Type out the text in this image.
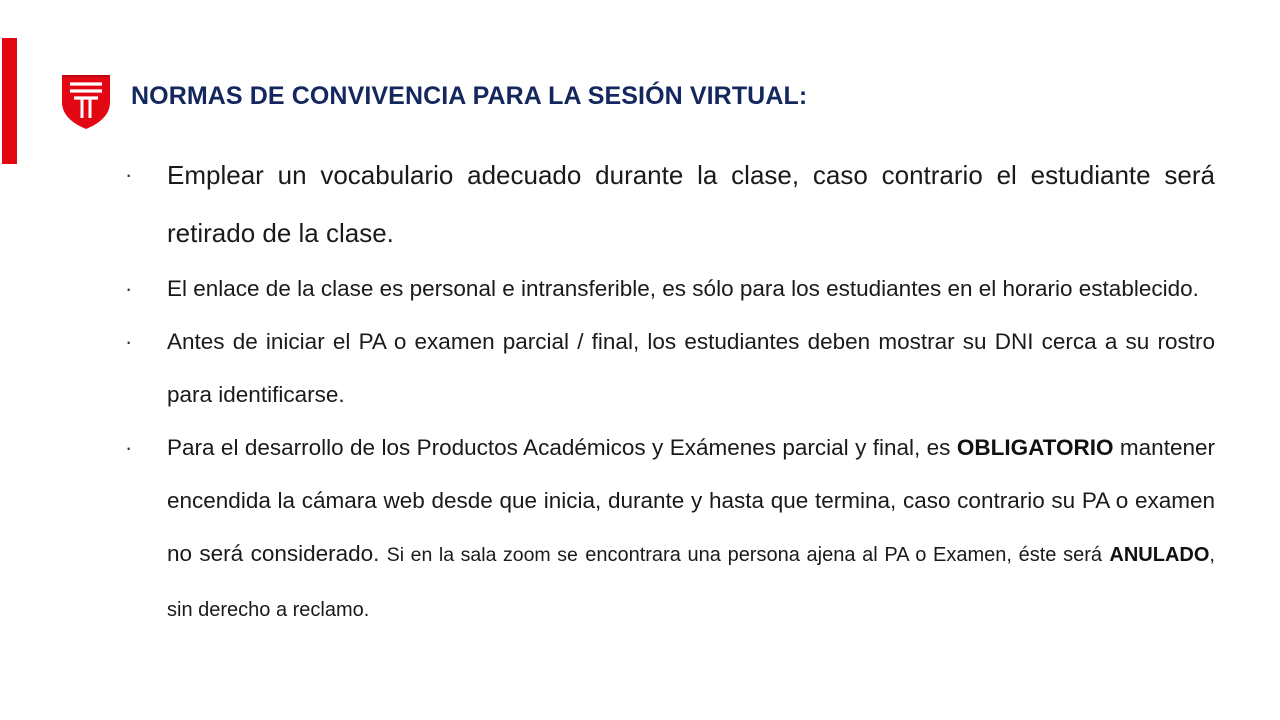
NORMAS DE CONVIVENCIA PARA LA SESIÓN VIRTUAL:
· Emplear un vocabulario adecuado durante la clase, caso contrario el estudiante será retirado de la clase.

· El enlace de la clase es personal e intransferible, es sólo para los estudiantes en el horario establecido.

· Antes de iniciar el PA o examen parcial / final, los estudiantes deben mostrar su DNI cerca a su rostro para identificarse.

· Para el desarrollo de los Productos Académicos y Exámenes parcial y final, es OBLIGATORIO mantener encendida la cámara web desde que inicia, durante y hasta que termina, caso contrario su PA o examen no será considerado. Si en la sala zoom se encontrara una persona ajena al PA o Examen, éste será ANULADO, sin derecho a reclamo.
